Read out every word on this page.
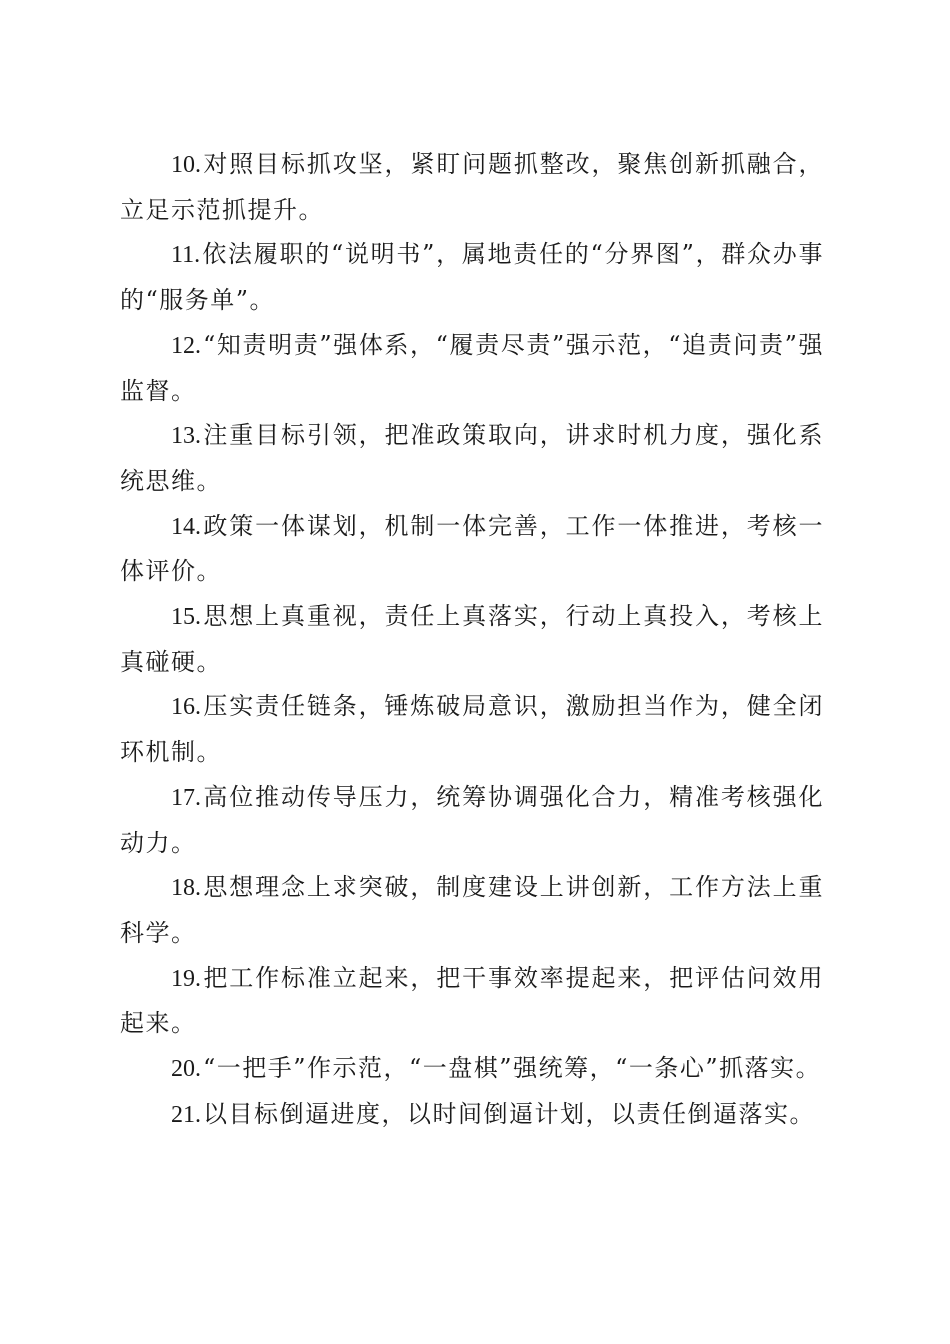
10.对照目标抓攻坚，紧盯问题抓整改，聚焦创新抓融合，立足示范抓提升。

11.依法履职的“说明书”，属地责任的“分界图”，群众办事的“服务单”。

12.“知责明责”强体系，“履责尽责”强示范，“追责问责”强监督。

13.注重目标引领，把准政策取向，讲求时机力度，强化系统思维。

14.政策一体谋划，机制一体完善，工作一体推进，考核一体评价。

15.思想上真重视，责任上真落实，行动上真投入，考核上真碰硬。

16.压实责任链条，锤炼破局意识，激励担当作为，健全闭环机制。

17.高位推动传导压力，统筹协调强化合力，精准考核强化动力。

18.思想理念上求突破，制度建设上讲创新，工作方法上重科学。

19.把工作标准立起来，把干事效率提起来，把评估问效用起来。

20.“一把手”作示范，“一盘棋”强统筹，“一条心”抓落实。

21.以目标倒逼进度，以时间倒逼计划，以责任倒逼落实。
